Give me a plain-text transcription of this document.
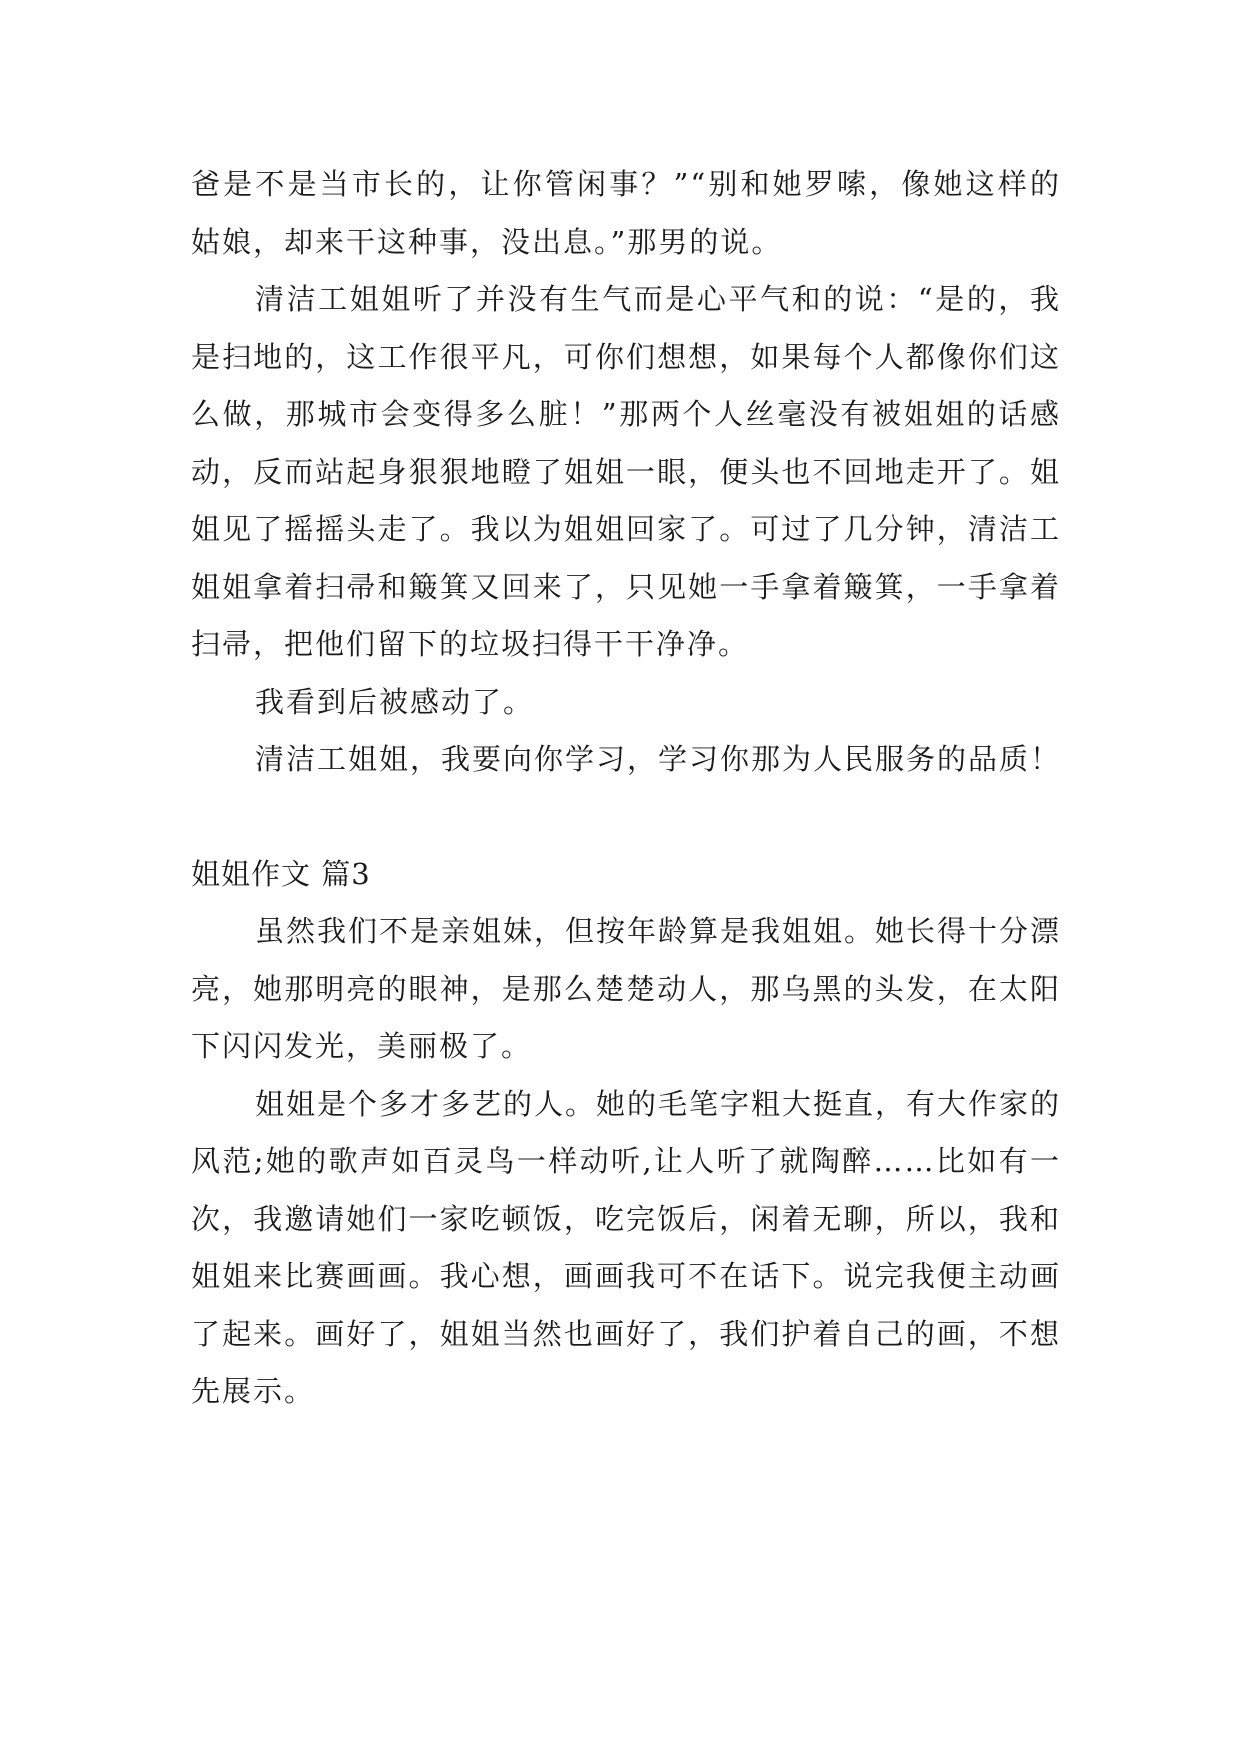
爸是不是当市长的，让你管闲事？”“别和她罗嗦，像她这样的姑娘，却来干这种事，没出息。”那男的说。

清洁工姐姐听了并没有生气而是心平气和的说：“是的，我是扫地的，这工作很平凡，可你们想想，如果每个人都像你们这么做，那城市会变得多么脏！”那两个人丝毫没有被姐姐的话感动，反而站起身狠狠地瞪了姐姐一眼，便头也不回地走开了。姐姐见了摇摇头走了。我以为姐姐回家了。可过了几分钟，清洁工姐姐拿着扫帚和簸箕又回来了，只见她一手拿着簸箕，一手拿着扫帚，把他们留下的垃圾扫得干干净净。

我看到后被感动了。

清洁工姐姐，我要向你学习，学习你那为人民服务的品质！

姐姐作文 篇3

虽然我们不是亲姐妹，但按年龄算是我姐姐。她长得十分漂亮，她那明亮的眼神，是那么楚楚动人，那乌黑的头发，在太阳下闪闪发光，美丽极了。

姐姐是个多才多艺的人。她的毛笔字粗大挺直，有大作家的风范;她的歌声如百灵鸟一样动听,让人听了就陶醉……比如有一次，我邀请她们一家吃顿饭，吃完饭后，闲着无聊，所以，我和姐姐来比赛画画。我心想，画画我可不在话下。说完我便主动画了起来。画好了，姐姐当然也画好了，我们护着自己的画，不想先展示。
